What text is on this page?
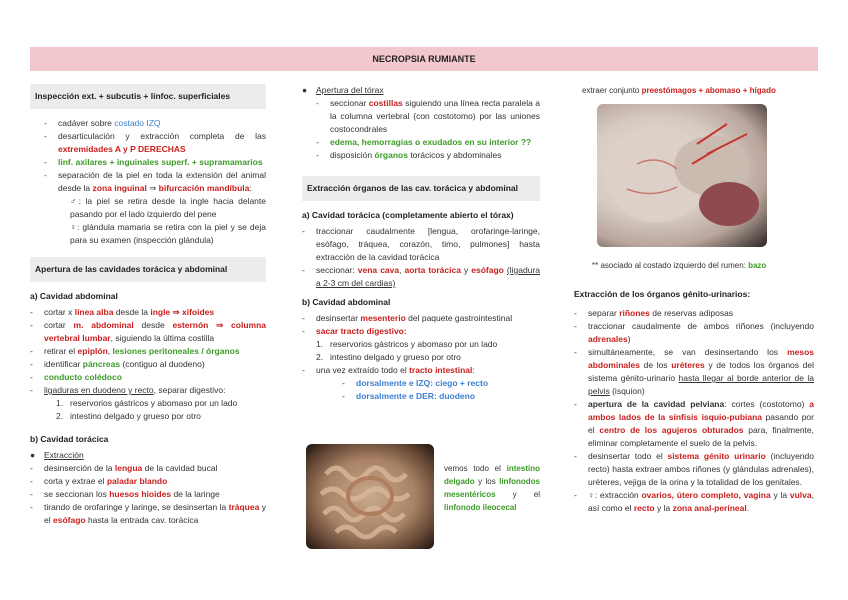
NECROPSIA RUMIANTE
Inspección ext. + subcutis + linfoc. superficiales
-	cadáver sobre costado IZQ
-	desarticulación y extracción completa de las extremidades A y P DERECHAS
-	linf. axilares + inguinales superf. + supramamarios
-	separación de la piel en toda la extensión del animal desde la zona inguinal ⇒ bifurcación mandíbula:
♂: la piel se retira desde la ingle hacia delante pasando por el lado izquierdo del pene
♀: glándula mamaria se retira con la piel y se deja para su examen (inspección glándula)
Apertura de las cavidades torácica y abdominal
a) Cavidad abdominal
-	cortar x línea alba desde la ingle ⇒ xifoides
-	cortar m. abdominal desde esternón ⇒ columna vertebral lumbar, siguiendo la última costilla
-	retirar el epiplón, lesiones peritoneales / órganos
-	identificar páncreas (contiguo al duodeno)
-	conducto colédoco
-	ligaduras en duodeno y recto, separar digestivo:
1. reservorios gástricos y abomaso por un lado
2. intestino delgado y grueso por otro
b) Cavidad torácica
●	Extracción
-	desinserción de la lengua de la cavidad bucal
-	corta y extrae el paladar blando
-	se seccionan los huesos hioides de la laringe
-	tirando de orofaringe y laringe, se desinsertan la tráquea y el esófago hasta la entrada cav. torácica
●	Apertura del tórax
-	seccionar costillas siguiendo una línea recta paralela a la columna vertebral (con costotomo) por las uniones costocondrales
-	edema, hemorragias o exudados en su interior ??
-	disposición órganos torácicos y abdominales
Extracción órganos de las cav. torácica y abdominal
a) Cavidad torácica (completamente abierto el tórax)
-	traccionar caudalmente [lengua, orofaringe-laringe, esófago, tráquea, corazón, timo, pulmones] hasta extracción de la cavidad torácica
-	seccionar: vena cava, aorta torácica y esófago (ligadura a 2-3 cm del cardias)
b) Cavidad abdominal
-	desinsertar mesenterio del paquete gastrointestinal
-	sacar tracto digestivo:
1. reservorios gástricos y abomaso por un lado
2. intestino delgado y grueso por otro
-	una vez extraído todo el tracto intestinal:
-	dorsalmente e IZQ: ciego + recto
-	dorsalmente e DER: duodeno
vemos todo el intestino delgado y los linfonodos mesentéricos y el linfonodo ileocecal
extraer conjunto preestómagos + abomaso + hígado
** asociado al costado izquierdo del rumen: bazo
Extracción de los órganos génito-urinarios:
-	separar riñones de reservas adiposas
-	traccionar caudalmente de ambos riñones (incluyendo adrenales)
-	simultáneamente, se van desinsertando los mesos abdominales de los uréteres y de todos los órganos del sistema génito-urinario hasta llegar al borde anterior de la pelvis (isquion)
-	apertura de la cavidad pelviana: cortes (costotomo) a ambos lados de la sínfisis isquio-pubiana pasando por el centro de los agujeros obturados para, finalmente, eliminar completamente el suelo de la pelvis.
-	desinsertar todo el sistema génito urinario (incluyendo recto) hasta extraer ambos riñones (y glándulas adrenales), uréteres, vejiga de la orina y la totalidad de los genitales.
-	♀: extracción ovarios, útero completo, vagina y la vulva, así como el recto y la zona anal-perineal.
